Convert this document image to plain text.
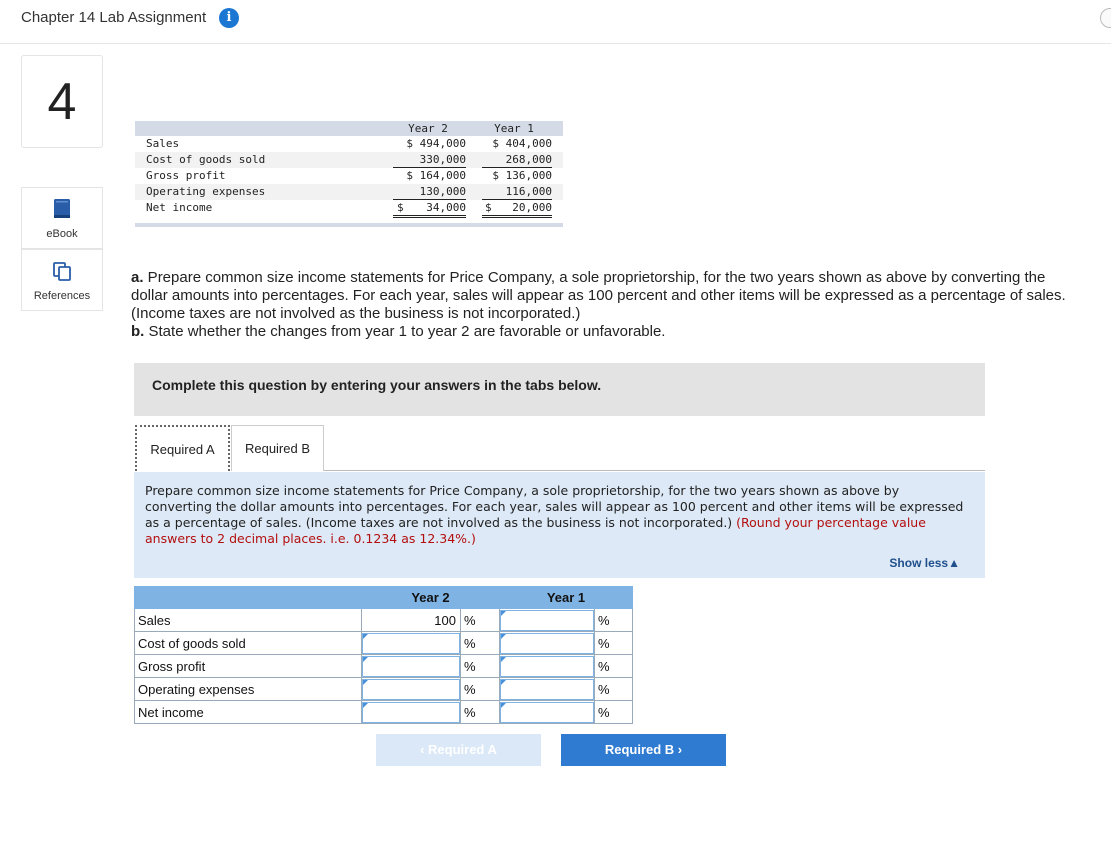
Chapter 14 Lab Assignment	i
4
eBook
References
Year 2	Year 1
Sales	$ 494,000	$ 404,000
Cost of goods sold	330,000	268,000
Gross profit	$ 164,000	$ 136,000
Operating expenses	130,000	116,000
Net income	$	34,000 $	20,000
a. Prepare common size income statements for Price Company, a sole proprietorship, for the two years shown as above by converting the dollar amounts into percentages. For each year, sales will appear as 100 percent and other items will be expressed as a percentage of sales. (Income taxes are not involved as the business is not incorporated.)
b. State whether the changes from year 1 to year 2 are favorable or unfavorable.
Complete this question by entering your answers in the tabs below.
Required A	Required B
Prepare common size income statements for Price Company, a sole proprietorship, for the two years shown as above by converting the dollar amounts into percentages. For each year, sales will appear as 100 percent and other items will be expressed as a percentage of sales. (Income taxes are not involved as the business is not incorporated.) (Round your percentage value answers to 2 decimal places. i.e. 0.1234 as 12.34%.)
Show less▲
	Year 2		Year 1	
Sales	100	%		%
Cost of goods sold		%		%
Gross profit		%		%
Operating expenses		%		%
Net income		%		%
‹ Required A	Required B ›
